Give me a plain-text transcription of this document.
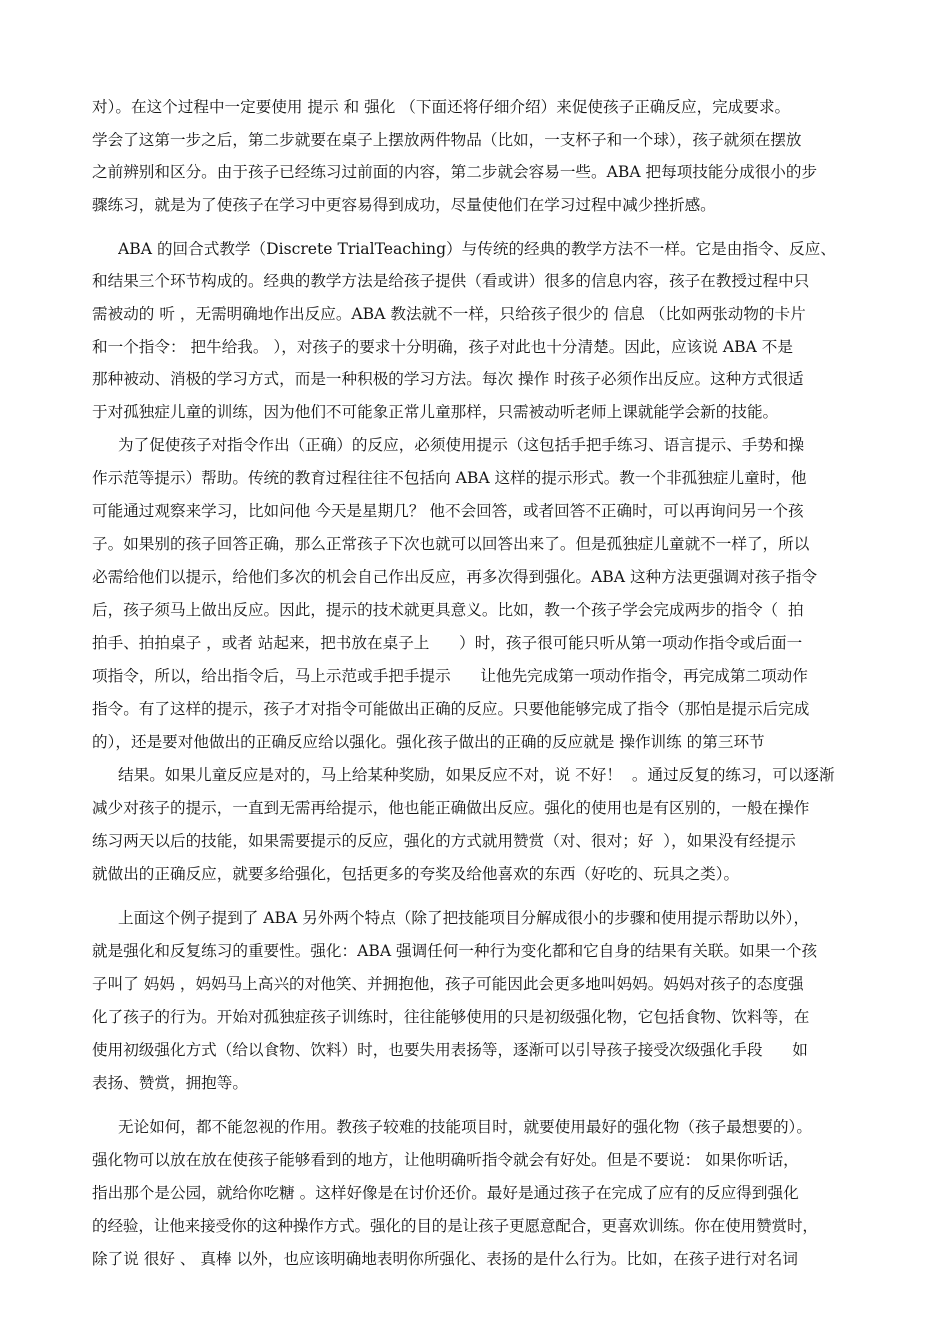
对）。在这个过程中一定要使用 提示 和 强化 （下面还将仔细介绍）来促使孩子正确反应，完成要求。
学会了这第一步之后，第二步就要在桌子上摆放两件物品（比如，一支杯子和一个球），孩子就须在摆放
之前辨别和区分。由于孩子已经练习过前面的内容，第二步就会容易一些。ABA 把每项技能分成很小的步
骤练习，就是为了使孩子在学习中更容易得到成功，尽量使他们在学习过程中减少挫折感。
ABA 的回合式教学（Discrete TrialTeaching）与传统的经典的教学方法不一样。它是由指令、反应、
和结果三个环节构成的。经典的教学方法是给孩子提供（看或讲）很多的信息内容，孩子在教授过程中只
需被动的 听 ，无需明确地作出反应。ABA 教法就不一样，只给孩子很少的 信息 （比如两张动物的卡片
和一个指令： 把牛给我。 ），对孩子的要求十分明确，孩子对此也十分清楚。因此，应该说 ABA 不是
那种被动、消极的学习方式，而是一种积极的学习方法。每次 操作 时孩子必须作出反应。这种方式很适
于对孤独症儿童的训练，因为他们不可能象正常儿童那样，只需被动听老师上课就能学会新的技能。
为了促使孩子对指令作出（正确）的反应，必须使用提示（这包括手把手练习、语言提示、手势和操
作示范等提示）帮助。传统的教育过程往往不包括向 ABA 这样的提示形式。教一个非孤独症儿童时，他
可能通过观察来学习，比如问他 今天是星期几？ 他不会回答，或者回答不正确时，可以再询问另一个孩
子。如果别的孩子回答正确，那么正常孩子下次也就可以回答出来了。但是孤独症儿童就不一样了，所以
必需给他们以提示，给他们多次的机会自己作出反应，再多次得到强化。ABA 这种方法更强调对孩子指令
后，孩子须马上做出反应。因此，提示的技术就更具意义。比如，教一个孩子学会完成两步的指令（  拍
拍手、拍拍桌子 ，或者 站起来，把书放在桌子上      ）时，孩子很可能只听从第一项动作指令或后面一
项指令，所以，给出指令后，马上示范或手把手提示      让他先完成第一项动作指令，再完成第二项动作
指令。有了这样的提示，孩子才对指令可能做出正确的反应。只要他能够完成了指令（那怕是提示后完成
的），还是要对他做出的正确反应给以强化。强化孩子做出的正确的反应就是 操作训练 的第三环节
结果。如果儿童反应是对的，马上给某种奖励，如果反应不对，说 不好！  。通过反复的练习，可以逐渐
减少对孩子的提示，一直到无需再给提示，他也能正确做出反应。强化的使用也是有区别的，一般在操作
练习两天以后的技能，如果需要提示的反应，强化的方式就用赞赏（对、很对；好  ），如果没有经提示
就做出的正确反应，就要多给强化，包括更多的夸奖及给他喜欢的东西（好吃的、玩具之类）。
上面这个例子提到了 ABA 另外两个特点（除了把技能项目分解成很小的步骤和使用提示帮助以外），
就是强化和反复练习的重要性。强化：ABA 强调任何一种行为变化都和它自身的结果有关联。如果一个孩
子叫了 妈妈 ，妈妈马上高兴的对他笑、并拥抱他，孩子可能因此会更多地叫妈妈。妈妈对孩子的态度强
化了孩子的行为。开始对孤独症孩子训练时，往往能够使用的只是初级强化物，它包括食物、饮料等，在
使用初级强化方式（给以食物、饮料）时，也要失用表扬等，逐渐可以引导孩子接受次级强化手段      如
表扬、赞赏，拥抱等。
无论如何，都不能忽视的作用。教孩子较难的技能项目时，就要使用最好的强化物（孩子最想要的）。
强化物可以放在放在使孩子能够看到的地方，让他明确听指令就会有好处。但是不要说： 如果你听话，
指出那个是公园，就给你吃糖 。这样好像是在讨价还价。最好是通过孩子在完成了应有的反应得到强化
的经验，让他来接受你的这种操作方式。强化的目的是让孩子更愿意配合，更喜欢训练。你在使用赞赏时，
除了说 很好 、 真棒 以外，也应该明确地表明你所强化、表扬的是什么行为。比如，在孩子进行对名词
